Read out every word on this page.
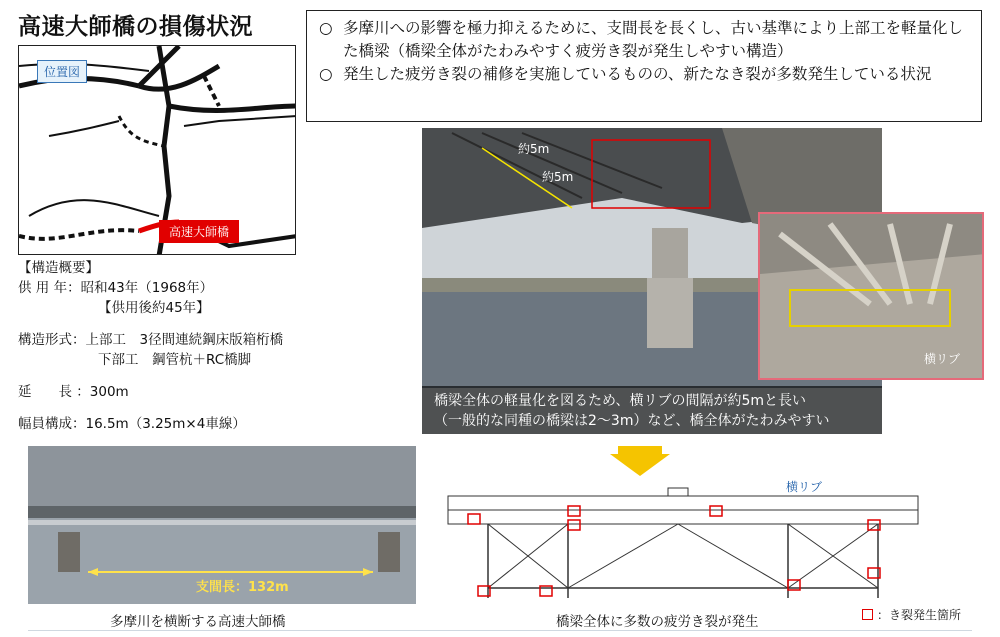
高速大師橋の損傷状況	○ 多摩川への影響を極力抑えるために、支間長を長くし、古い基準により上部工を軽量化した橋梁（橋梁全体がたわみやすく疲労き裂が発生しやすい構造）
○ 発生した疲労き裂の補修を実施しているものの、新たなき裂が多数発生している状況
位置図
高速大師橋
【構造概要】
供 用 年：昭和43年（1968年）
【供用後約45年】
構造形式：上部工　3径間連続鋼床版箱桁橋
下部工　鋼管杭＋RC橋脚
延　　長 ：300m
幅員構成：16.5m（3.25m×4車線）
約5m
約5m
橋梁全体の軽量化を図るため、横リブの間隔が約5mと長い
（一般的な同種の橋梁は2～3m）など、橋全体がたわみやすい
横リブ
支間長：132m
横リブ
多摩川を横断する高速大師橋	橋梁全体に多数の疲労き裂が発生	：き裂発生箇所
